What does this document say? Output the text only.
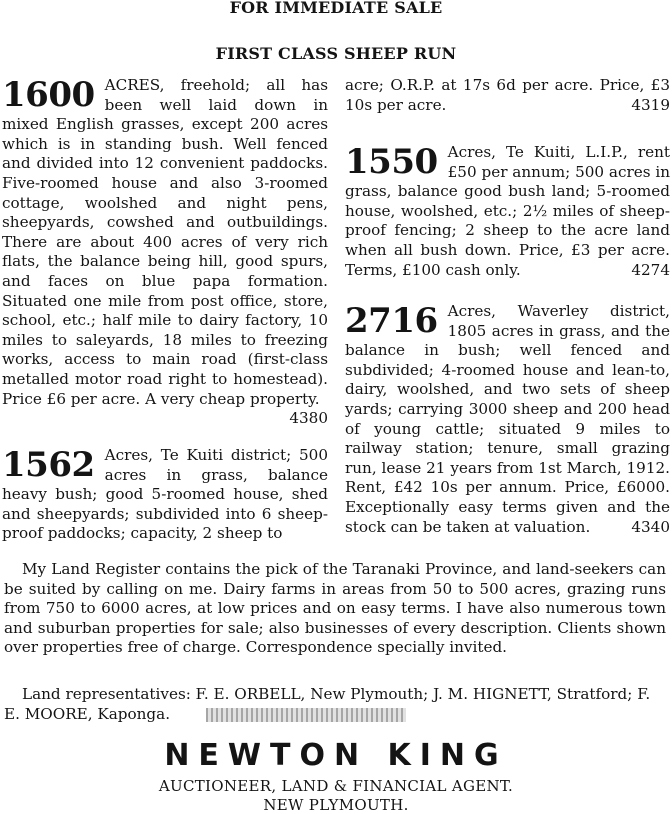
FOR IMMEDIATE SALE
FIRST CLASS SHEEP RUN
1600 ACRES, freehold; all has been well laid down in mixed English grasses, except 200 acres which is in standing bush. Well fenced and divided into 12 convenient paddocks. Five-roomed house and also 3-roomed cottage, woolshed and night pens, sheepyards, cowshed and outbuildings. There are about 400 acres of very rich flats, the balance being hill, good spurs, and faces on blue papa formation. Situated one mile from post office, store, school, etc.; half mile to dairy factory, 10 miles to saleyards, 18 miles to freezing works, access to main road (first-class metalled motor road right to homestead). Price £6 per acre. A very cheap property.
4380

1562 Acres, Te Kuiti district; 500 acres in grass, balance heavy bush; good 5-roomed house, shed and sheepyards; subdivided into 6 sheep-proof paddocks; capacity, 2 sheep to

acre; O.R.P. at 17s 6d per acre. Price, £3 10s per acre.	4319

1550 Acres, Te Kuiti, L.I.P., rent £50 per annum; 500 acres in grass, balance good bush land; 5-roomed house, woolshed, etc.; 2½ miles of sheep-proof fencing; 2 sheep to the acre land when all bush down. Price, £3 per acre. Terms, £100 cash only.	4274

2716 Acres, Waverley district, 1805 acres in grass, and the balance in bush; well fenced and subdivided; 4-roomed house and lean-to, dairy, woolshed, and two sets of sheep yards; carrying 3000 sheep and 200 head of young cattle; situated 9 miles to railway station; tenure, small grazing run, lease 21 years from 1st March, 1912. Rent, £42 10s per annum. Price, £6000. Exceptionally easy terms given and the stock can be taken at valuation.	4340

My Land Register contains the pick of the Taranaki Province, and land-seekers can be suited by calling on me. Dairy farms in areas from 50 to 500 acres, grazing runs from 750 to 6000 acres, at low prices and on easy terms. I have also numerous town and suburban properties for sale; also businesses of every description. Clients shown over properties free of charge. Correspondence specially invited.

Land representatives: F. E. ORBELL, New Plymouth; J. M. HIGNETT, Stratford; F. E. MOORE, Kaponga.
NEWTON KING
AUCTIONEER, LAND & FINANCIAL AGENT.
NEW PLYMOUTH.
